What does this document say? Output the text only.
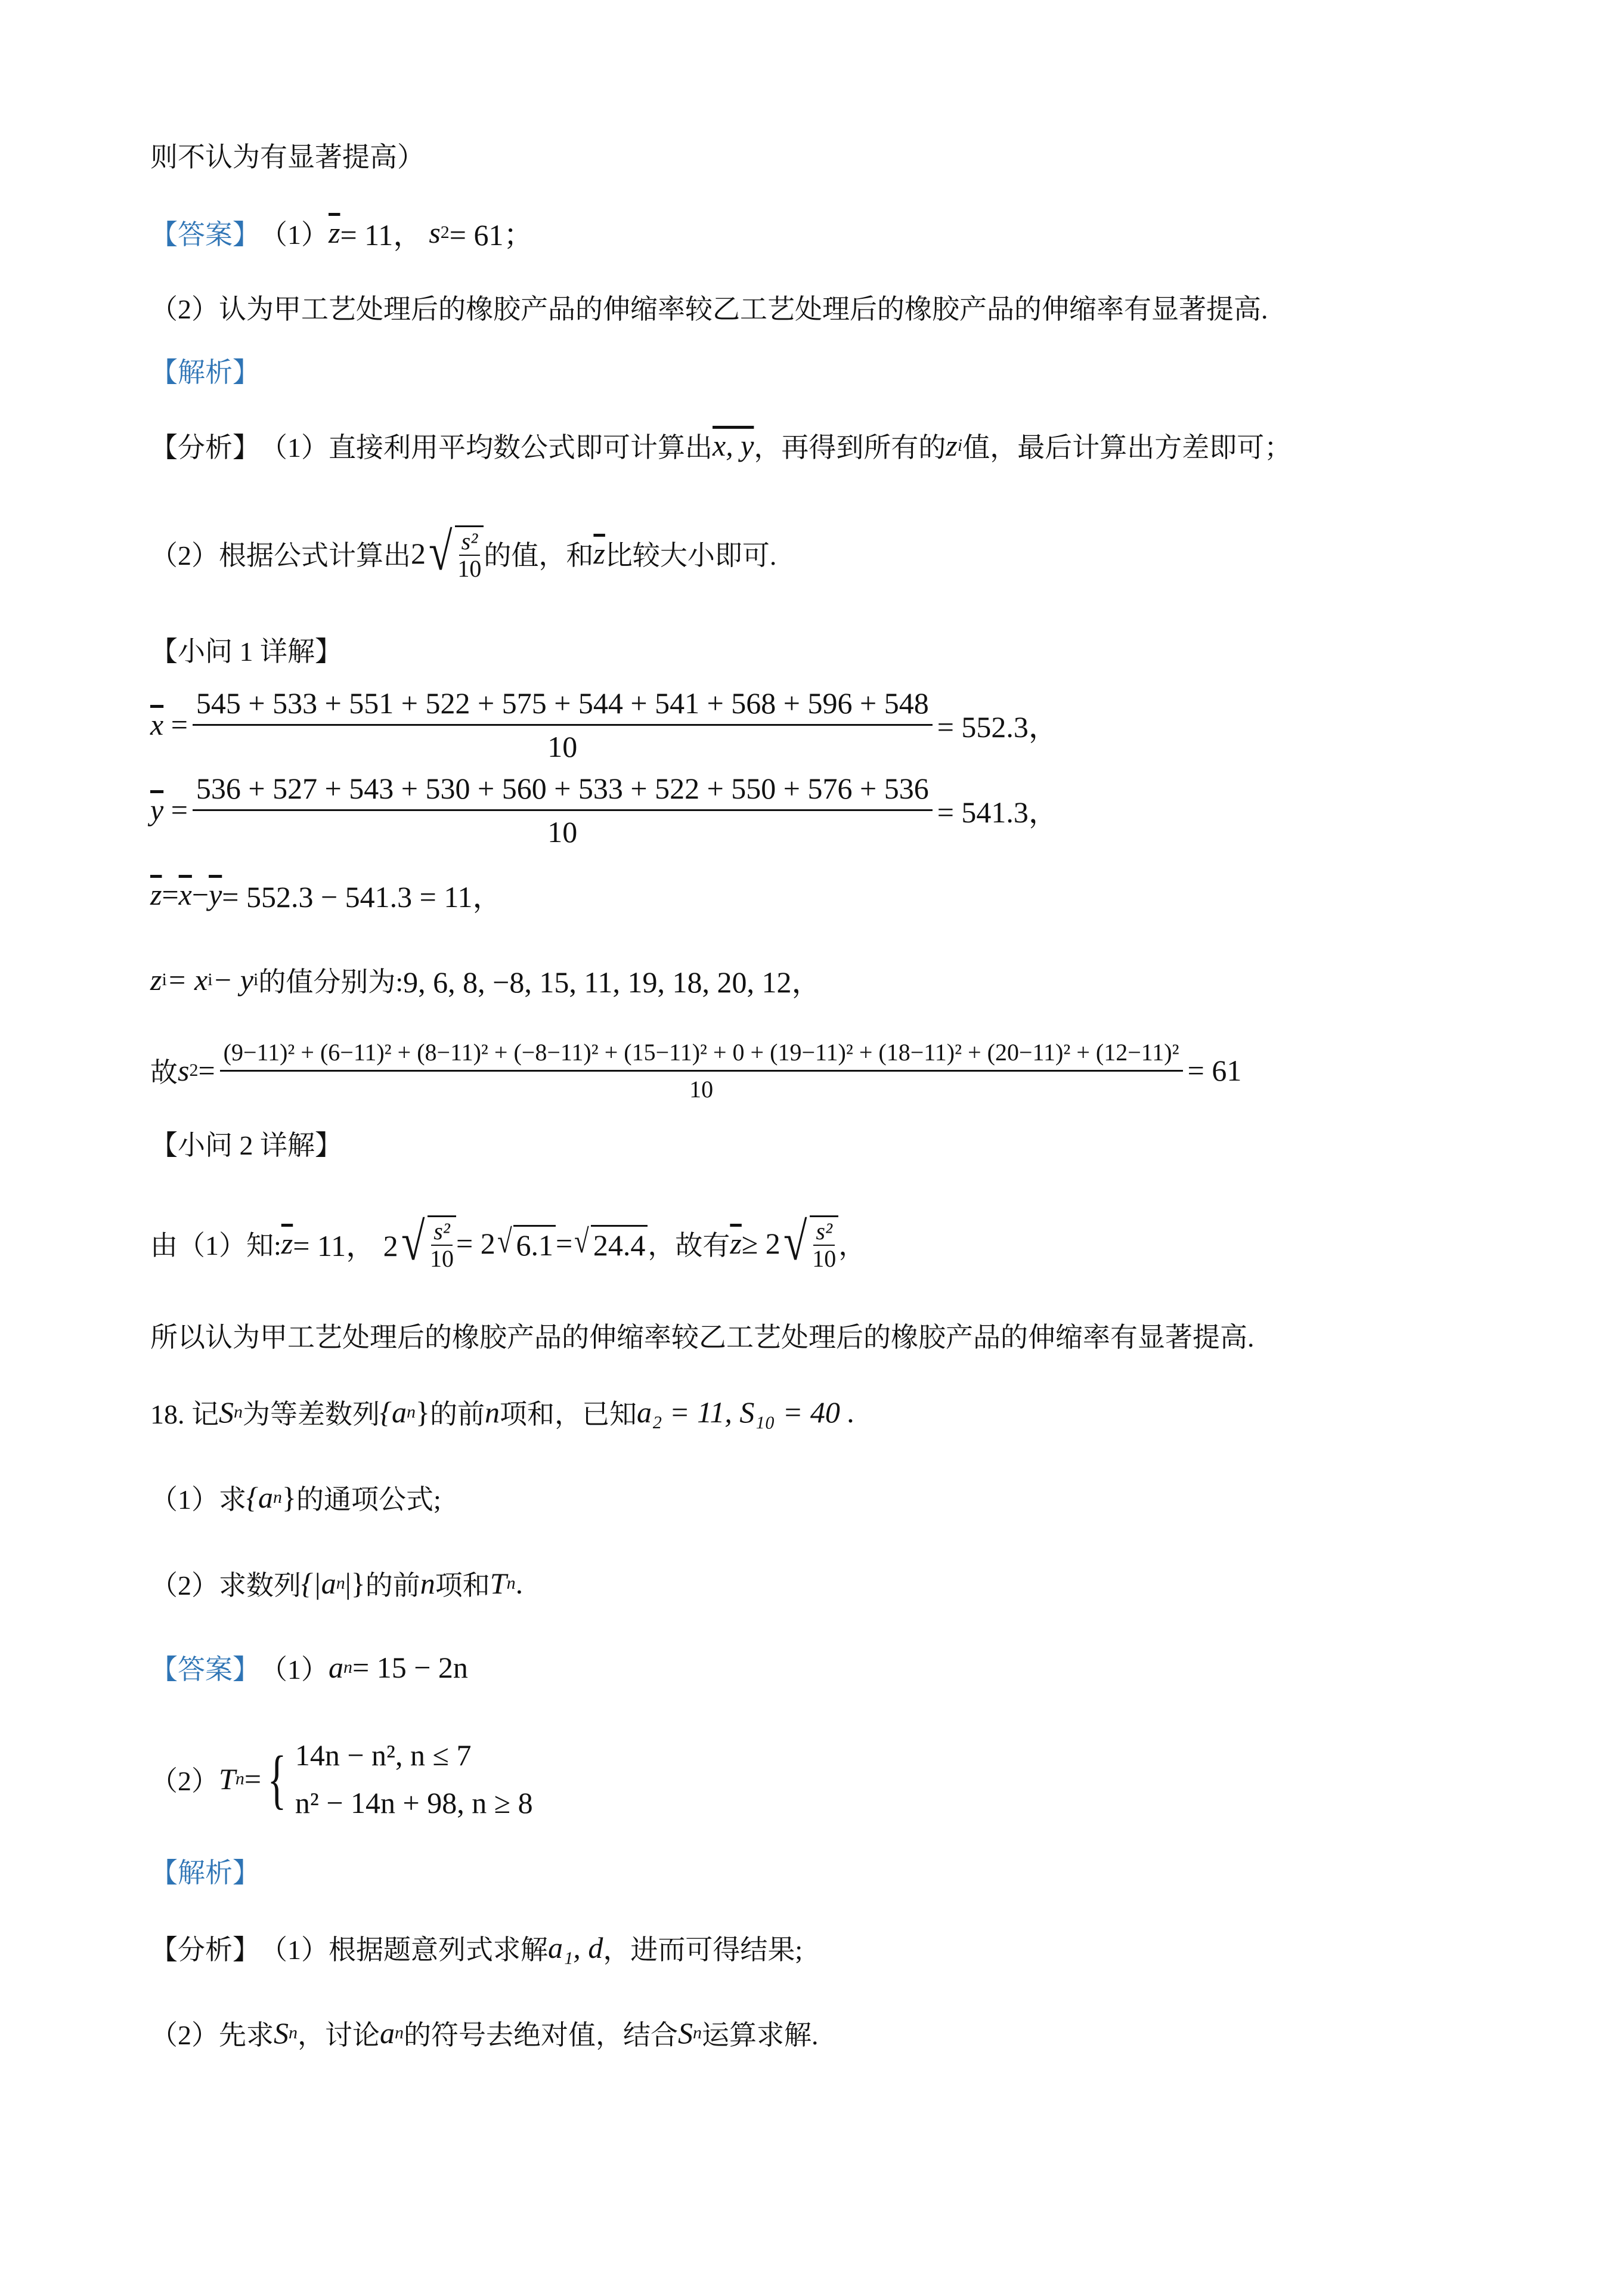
则不认为有显著提高）
【答案】 （1） $\overline{z} = 11$， s 2 = 61；
（2）认为甲工艺处理后的橡胶产品的伸缩率较乙工艺处理后的橡胶产品的伸缩率有显著提高.
【解析】
【分析】 （1）直接利用平均数公式即可计算出 x, y ，再得到所有的 z i 值，最后计算出方差即可；
（2）根据公式计算出 2 √ s²
10 的值，和 $\overline{z}$ 比较大小即可.
【小问 1 详解】
$\overline{x} = \frac{545 + 533 + 551 + 522 + 575 + 544 + 541 + 568 + 596 + 548}{10} = 552.3$，
$\overline{y} = \frac{536 + 527 + 543 + 530 + 560 + 533 + 522 + 550 + 576 + 536}{10} = 541.3$，
$\overline{z} = \overline{x} - \overline{y} = 552.3 - 541.3 = 11$，
z i = x i − y i 的值分别为: 9, 6, 8, −8, 15, 11, 19, 18, 20, 12，
故 s 2 =
(9−11)² + (6−11)² + (8−11)² + (−8−11)² + (15−11)² + 0 + (19−11)² + (18−11)² + (20−11)² + (12−11)²
10
= 61
【小问 2 详解】
由（1）知: $\overline{z} = 11$， 2 √ s²
10 = 2 √ 6.1 = √ 24.4 ，故有 $\overline{z} \ge 2$ √ s²
10 ，
所以认为甲工艺处理后的橡胶产品的伸缩率较乙工艺处理后的橡胶产品的伸缩率有显著提高.
18. 记 S n 为等差数列 {a n } 的前 n 项和，已知 a₂ = 11, S₁₀ = 40 .
（1）求 {a n } 的通项公式;
（2）求数列 {|a n |} 的前 n 项和 T n .
【答案】 （1） a n = 15 − 2n
（2） T n = { 14n − n², n ≤ 7
n² − 14n + 98, n ≥ 8
【解析】
【分析】 （1）根据题意列式求解 a₁, d ，进而可得结果;
（2）先求 S n ，讨论 a n 的符号去绝对值，结合 S n 运算求解.
